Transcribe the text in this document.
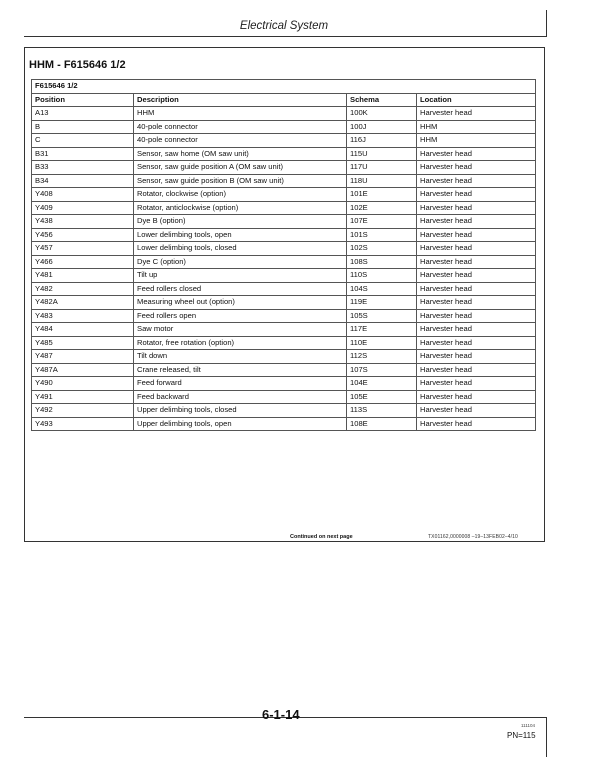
Electrical System
HHM - F615646 1/2
F615646 1/2			
Position	Description	Schema	Location
A13	HHM	100K	Harvester head
B	40-pole connector	100J	HHM
C	40-pole connector	116J	HHM
B31	Sensor, saw home (OM saw unit)	115U	Harvester head
B33	Sensor, saw guide position A (OM saw unit)	117U	Harvester head
B34	Sensor, saw guide position B (OM saw unit)	118U	Harvester head
Y408	Rotator, clockwise (option)	101E	Harvester head
Y409	Rotator, anticlockwise (option)	102E	Harvester head
Y438	Dye B (option)	107E	Harvester head
Y456	Lower delimbing tools, open	101S	Harvester head
Y457	Lower delimbing tools, closed	102S	Harvester head
Y466	Dye C (option)	108S	Harvester head
Y481	Tilt up	110S	Harvester head
Y482	Feed rollers closed	104S	Harvester head
Y482A	Measuring wheel out (option)	119E	Harvester head
Y483	Feed rollers open	105S	Harvester head
Y484	Saw motor	117E	Harvester head
Y485	Rotator, free rotation (option)	110E	Harvester head
Y487	Tilt down	112S	Harvester head
Y487A	Crane released, tilt	107S	Harvester head
Y490	Feed forward	104E	Harvester head
Y491	Feed backward	105E	Harvester head
Y492	Upper delimbing tools, closed	113S	Harvester head
Y493	Upper delimbing tools, open	108E	Harvester head
Continued on next page	TX01162,0000008 –19–13FEB02–4/10
6-1-14
111104
PN=115
